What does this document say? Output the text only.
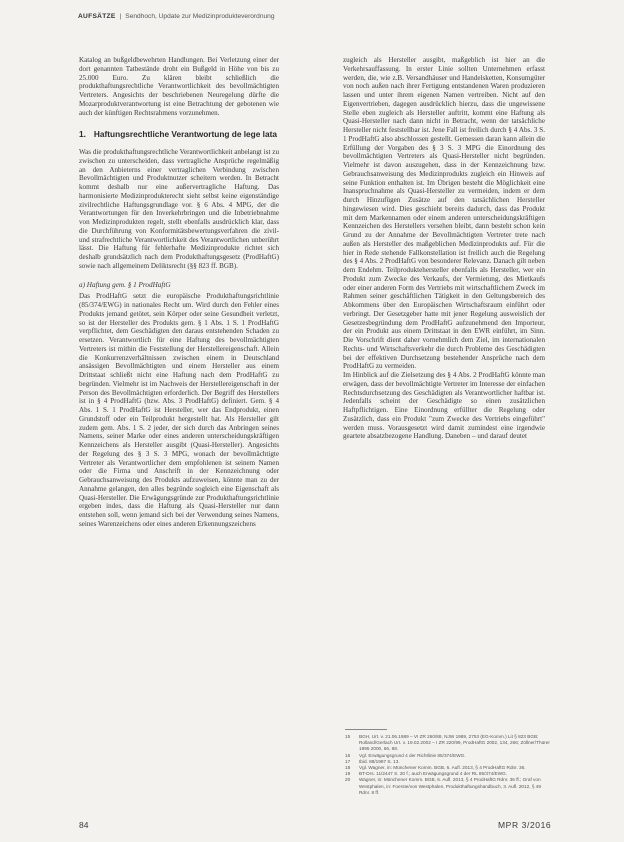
AUFSÄTZE | Sendhoch, Update zur Medizinprodukteverordnung

Katalog an bußgeldbewehrten Handlungen. Bei Verletzung einer der dort genannten Tatbestände droht ein Bußgeld in Höhe von bis zu 25.000 Euro. Zu klären bleibt schließlich die produkthaftungsrechtliche Verantwortlichkeit des bevollmächtigten Vertreters. Angesichts der beschriebenen Neuregelung dürfte die Mozarproduktverantwortung ist eine Betrachtung der gebotenen wie auch der künftigen Rechtsrahmens vorzunehmen.

1. Haftungsrechtliche Verantwortung de lege lata

Was die produkthaftungsrechtliche Verantwortlichkeit anbelangt ist zu zwischen zu unterscheiden, dass vertragliche Ansprüche regelmäßig an den Anbieterns einer vertraglichen Verbindung zwischen Bevollmächtigten und Produktnutzer scheitern werden. In Betracht kommt deshalb nur eine außervertragliche Haftung. Das harmonisierte Medizinprodukterecht sieht selbst keine eigenständige zivilrechtliche Haftungsgrundlage vor. § 6 Abs. 4 MPG, der die Verantwortungen für den Inverkehrbringen und die Inbetriebnahme von Medizinprodukten regelt, stellt ebenfalls ausdrücklich klar, dass die Durchführung von Konformitätsbewertungsverfahren die zivil- und strafrechtliche Verantwortlichkeit des Verantwortlichen unberührt lässt. Die Haftung für fehlerhafte Medizinprodukte richtet sich deshalb grundsätzlich nach dem Produkthaftungsgesetz (ProdHaftG) sowie nach allgemeinem Deliktsrecht (§§ 823 ff. BGB).

a) Haftung gem. § 1 ProdHaftG

Das ProdHaftG setzt die europäische Produkthaftungsrichtlinie (85/374/EWG) in nationales Recht um. Wird durch den Fehler eines Produkts jemand getötet, sein Körper oder seine Gesundheit verletzt, so ist der Hersteller des Produkts gem. § 1 Abs. 1 S. 1 ProdHaftG verpflichtet, dem Geschädigten den daraus entstehenden Schaden zu ersetzen. Verantwortlich für eine Haftung des bevollmächtigten Vertreters ist mithin die Feststellung der Herstellereigenschaft. Allein die Konkurrenzverhältnissen zwischen einem in Deutschland ansässigen Bevollmächtigten und einem Hersteller aus einem Drittstaat schließt nicht eine Haftung nach dem ProdHaftG zu begründen. Vielmehr ist im Nachweis der Herstellereigenschaft in der Person des Bevollmächtigten erforderlich. Der Begriff des Herstellers ist in § 4 ProdHaftG (bzw. Abs. 3 ProdHaftG) definiert. Gem. § 4 Abs. 1 S. 1 ProdHaftG ist Hersteller, wer das Endprodukt, einen Grundstoff oder ein Teilprodukt hergestellt hat. Als Hersteller gilt zudem gem. Abs. 1 S. 2 jeder, der sich durch das Anbringen seines Namens, seiner Marke oder eines anderen unterscheidungskräftigen Kennzeichens als Hersteller ausgibt (Quasi-Hersteller). Angesichts der Regelung des § 3 S. 3 MPG, wonach der bevollmächtigte Vertreter als Verantwortlicher dem empfohlenen ist seinem Namen oder die Firma und Anschrift in der Kennzeichnung oder Gebrauchsanweisung des Produkts aufzuweisen, könnte man zu der Annahme gelangen, den alles begründe sogleich eine Eigenschaft als Quasi-Hersteller. Die Erwägungsgründe zur Produkthaftungsrichtlinie ergeben indes, dass die Haftung als Quasi-Hersteller nur dann entstehen soll, wenn jemand sich bei der Verwendung seines Namens, seines Warenzeichens oder eines anderen Erkennungszeichens

zugleich als Hersteller ausgibt, maßgeblich ist hier an die Verkehrsauffassung. In erster Linie sollten Unternehmen erfasst werden, die, wie z.B. Versandhäuser und Handelsketten, Konsumgüter von noch außen nach ihrer Fertigung entstandenen Waren produzieren lassen und unter ihrem eigenen Namen vertreiben. Nicht auf den Eigenvertrieben, dagegen ausdrücklich hierzu, dass die ungewissene Stelle eben zugleich als Hersteller auftritt, kommt eine Haftung als Quasi-Hersteller nach dann nicht in Betracht, wenn der tatsächliche Hersteller nicht feststellbar ist. Jene Fall ist freilich durch § 4 Abs. 3 S. 1 ProdHaftG also abschlossen gestellt. Gemessen daran kann allein die Erfüllung der Vorgaben des § 3 S. 3 MPG die Einordnung des bevollmächtigten Vertreters als Quasi-Hersteller nicht begründen. Vielmehr ist davon auszugehen, dass in der Kennzeichnung bzw. Gebrauchsanweisung des Medizinprodukts zugleich ein Hinweis auf seine Funktion enthalten ist. Im Übrigen besteht die Möglichkeit eine Inanspruchnahme als Quasi-Hersteller zu vermeiden, indem er dem durch Hinzufügen Zusätze auf den tatsächlichen Hersteller hingewiesen wird. Dies geschieht bereits dadurch, dass das Produkt mit dem Markennamen oder einem anderen unterscheidungskräftigen Kennzeichen des Herstellers versehen bleibt, dann besteht schon kein Grund zu der Annahme der Bevollmächtigten Vertreter trete nach außen als Hersteller des maßgeblichen Medizinprodukts auf. Für die hier in Rede stehende Fallkonstellation ist freilich auch die Regelung des § 4 Abs. 2 ProdHaftG von besonderer Relevanz. Danach gilt neben dem Endehm. Teilproduktehersteller ebenfalls als Hersteller, wer ein Produkt zum Zwecke des Verkaufs, der Vermietung, des Mietkaufs oder einer anderen Form des Vertriebs mit wirtschaftlichem Zweck im Rahmen seiner geschäftlichen Tätigkeit in den Geltungsbereich des Abkommens über den Europäischen Wirtschaftsraum einführt oder verbringt. Der Gesetzgeber hatte mit jener Regelung ausweislich der Gesetzesbegründung dem ProdHaftG aufzunehmend den Importeur, der ein Produkt aus einem Drittstaat in den EWR einführt, im Sinn. Die Vorschrift dient daher vornehmlich dem Ziel, im internationalen Rechts- und Wirtschaftsverkehr die durch Probleme des Geschädigten bei der effektiven Durchsetzung bestehender Ansprüche nach dem ProdHaftG zu vermeiden.

Im Hinblick auf die Zielsetzung des § 4 Abs. 2 ProdHaftG könnte man erwägen, dass der bevollmächtigte Vertreter im Interesse der einfachen Rechtsdurchsetzung des Geschädigten als Verantwortlicher haftbar ist. Jedenfalls scheint der Geschädigte so einen zusätzlichen Haftpflichtigen. Eine Einordnung erfüllter die Regelung oder Zusätzlich, dass ein Produkt "zum Zwecke des Vertriebs eingeführt" werden muss. Vorausgesetzt wird damit zumindest eine irgendwie geartete absatzbezogene Handlung. Daneben – und darauf deutet

15	BGH, Urt. v. 21.06.1989 – VI ZR 260/88, NJW 1989, 2753 (EG-Komm.) Lit § 823 BGB; Rolland/Gerlach Urt. v. 19.02.2002 – I ZR 220/99, ProdHaftG 2002, 134, 266; Zöllner/Thürer 1995 2000, 66, 88.
16	Vgl. Erwägungsgrund 4 der Richtlinie 85/374/EWG.
17	Ibid. 88/1987 S. 13.
18	Vgl. Wagner, in: Münchener Komm. BGB, 6. Aufl. 2013, § 4 ProdHaftG Rdnr. 36.
19	BT-Drs. 11/2447 S. 20 f.; auch Erwägungsgrund 4 der RL 85/374/EWG.
20	Wagner, in: Münchener Komm. BGB, 6. Aufl. 2013, § 4 ProdHaftG Rdnr. 36 ff.; Graf von Westphalen, in: Foerste/von Westphalen, Produkthaftungshandbuch, 3. Aufl. 2012, § 49 Rdnr. 8 ff.
84	MPR 3/2016
